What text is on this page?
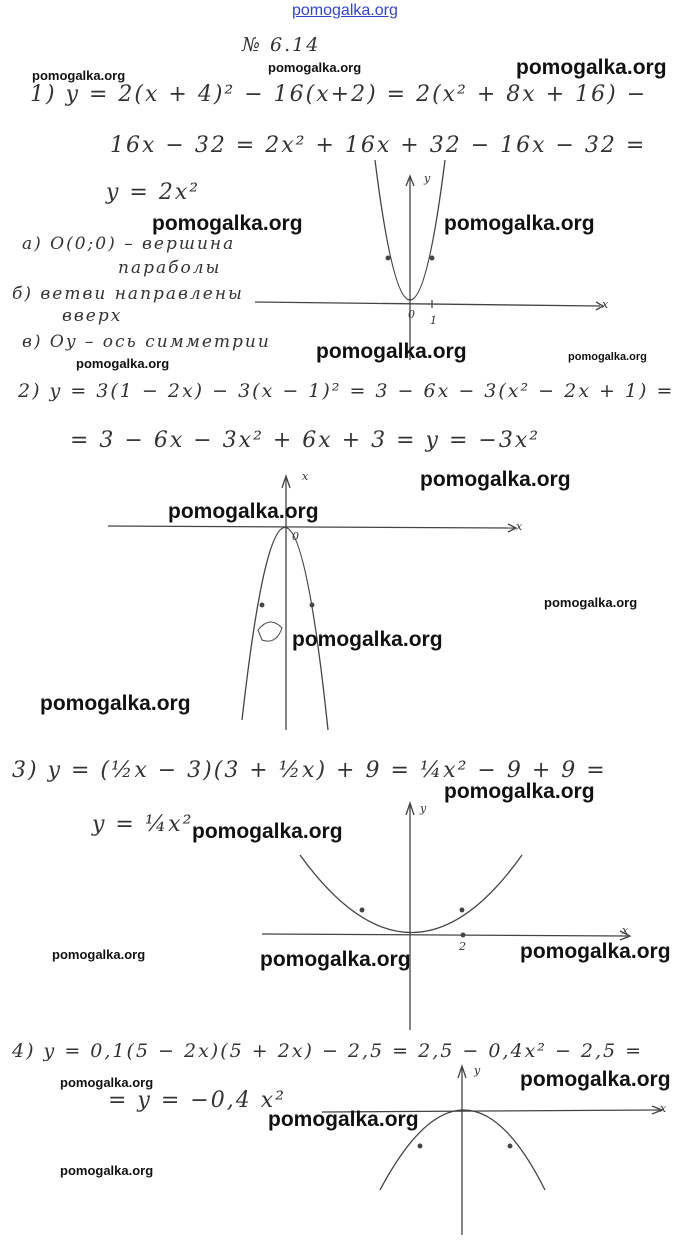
pomogalka.org
y
x
0 1
x
x
0
y
x
2
y
x
№ 6.14
1) y = 2(x + 4)² − 16(x+2) = 2(x² + 8x + 16) −
16x − 32 = 2x² + 16x + 32 − 16x − 32 =
y = 2x²
а) O(0;0) – вершина
параболы
б) ветви направлены
вверх
в) Oy – ось симметрии
2) y = 3(1 − 2x) − 3(x − 1)² = 3 − 6x − 3(x² − 2x + 1) =
= 3 − 6x − 3x² + 6x + 3 = y = −3x²
3) y = (½x − 3)(3 + ½x) + 9 = ¼x² − 9 + 9 =
y = ¼x²
4) y = 0,1(5 − 2x)(5 + 2x) − 2,5 = 2,5 − 0,4x² − 2,5 =
= y = −0,4 x²
pomogalka.org
pomogalka.org	pomogalka.org
pomogalka.org	pomogalka.org
pomogalka.org
pomogalka.org	pomogalka.org
pomogalka.org
pomogalka.org
pomogalka.org
pomogalka.org
pomogalka.org
pomogalka.org
pomogalka.org
pomogalka.org	pomogalka.org	pomogalka.org
pomogalka.org	pomogalka.org
pomogalka.org
pomogalka.org
